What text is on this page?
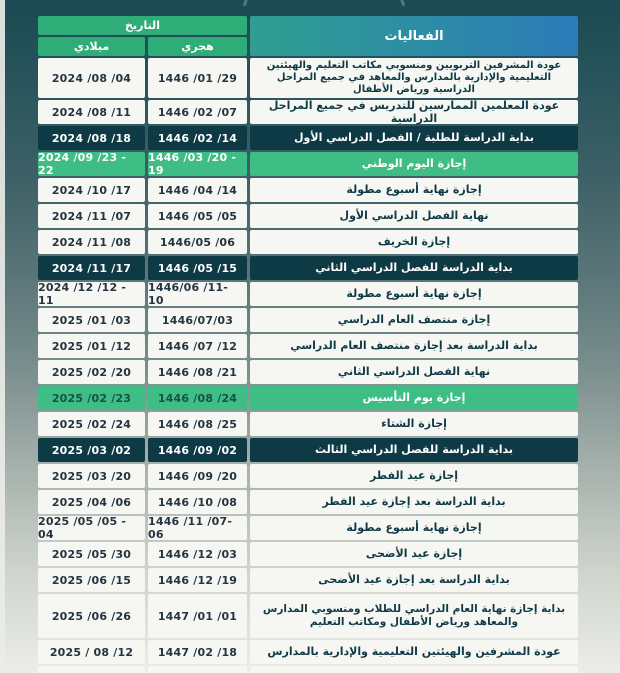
الفعاليات
التاريخ
هجري
ميلادي
عودة المشرفين التربويين ومنسوبي مكاتب التعليم والهيئتين التعليمية والإدارية بالمدارس والمعاهد في جميع المراحل الدراسية ورياض الأطفال
1446 /01 /29
2024 /08 /04
عودة المعلمين الممارسين للتدريس في جميع المراحل الدراسية
1446 /02 /07
2024 /08 /11
بداية الدراسة للطلبة / الفصل الدراسي الأول
1446 /02 /14
2024 /08 /18
إجازة اليوم الوطني
1446 /03 /20 - 19
2024 /09 /23 - 22
إجازة نهاية أسبوع مطولة
1446 /04 /14
2024 /10 /17
نهاية الفصل الدراسي الأول
1446 /05 /05
2024 /11 /07
إجازة الخريف
1446/05 /06
2024 /11 /08
بداية الدراسة للفصل الدراسي الثاني
1446 /05 /15
2024 /11 /17
إجازة نهاية أسبوع مطولة
1446/06 /11- 10
2024 /12 /12 - 11
إجازة منتصف العام الدراسي
1446/07/03
2025 /01 /03
بداية الدراسة بعد إجازة منتصف العام الدراسي
1446 /07 /12
2025 /01 /12
نهاية الفصل الدراسي الثاني
1446 /08 /21
2025 /02 /20
إجازة يوم التأسيس
1446 /08 /24
2025 /02 /23
إجازة الشتاء
1446 /08 /25
2025 /02 /24
بداية الدراسة للفصل الدراسي الثالث
1446 /09 /02
2025 /03 /02
إجازة عيد الفطر
1446 /09 /20
2025 /03 /20
بداية الدراسة بعد إجازة عيد الفطر
1446 /10 /08
2025 /04 /06
إجازة نهاية أسبوع مطولة
1446 /11 /07- 06
2025 /05 /05 - 04
إجازة عيد الأضحى
1446 /12 /03
2025 /05 /30
بداية الدراسة بعد إجازة عيد الأضحى
1446 /12 /19
2025 /06 /15
بداية إجازة نهاية العام الدراسي للطلاب ومنسوبي المدارس والمعاهد ورياض الأطفال ومكاتب التعليم
1447 /01 /01
2025 /06 /26
عودة المشرفين والهيئتين التعليمية والإدارية بالمدارس
1447 /02 /18
2025 / 08 /12
